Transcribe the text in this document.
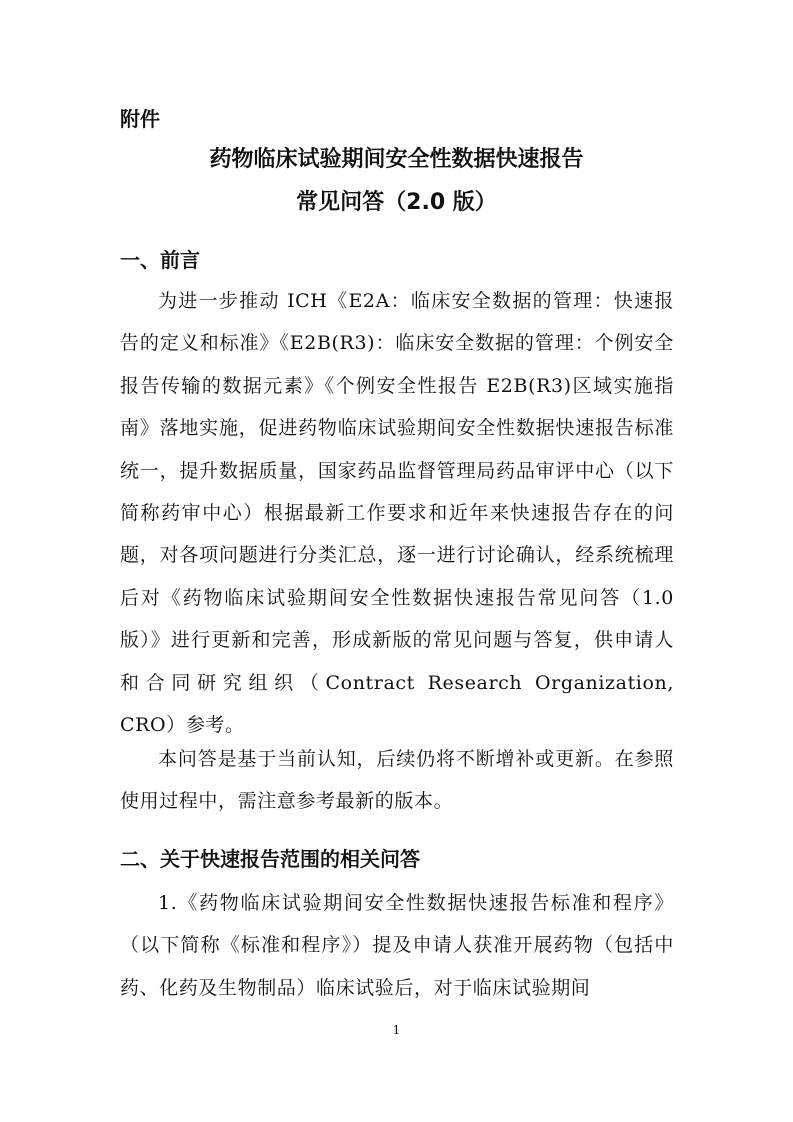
附件

药物临床试验期间安全性数据快速报告
常见问答（2.0 版）
一、前言

为进一步推动 ICH《E2A：临床安全数据的管理：快速报告的定义和标准》《E2B(R3)：临床安全数据的管理：个例安全报告传输的数据元素》《个例安全性报告 E2B(R3)区域实施指南》落地实施，促进药物临床试验期间安全性数据快速报告标准统一，提升数据质量，国家药品监督管理局药品审评中心（以下简称药审中心）根据最新工作要求和近年来快速报告存在的问题，对各项问题进行分类汇总，逐一进行讨论确认，经系统梳理后对《药物临床试验期间安全性数据快速报告常见问答（1.0 版）》进行更新和完善，形成新版的常见问题与答复，供申请人和合同研究组织（Contract Research Organization, CRO）参考。

本问答是基于当前认知，后续仍将不断增补或更新。在参照使用过程中，需注意参考最新的版本。

二、关于快速报告范围的相关问答

1.《药物临床试验期间安全性数据快速报告标准和程序》（以下简称《标准和程序》）提及申请人获准开展药物（包括中药、化药及生物制品）临床试验后，对于临床试验期间

1
